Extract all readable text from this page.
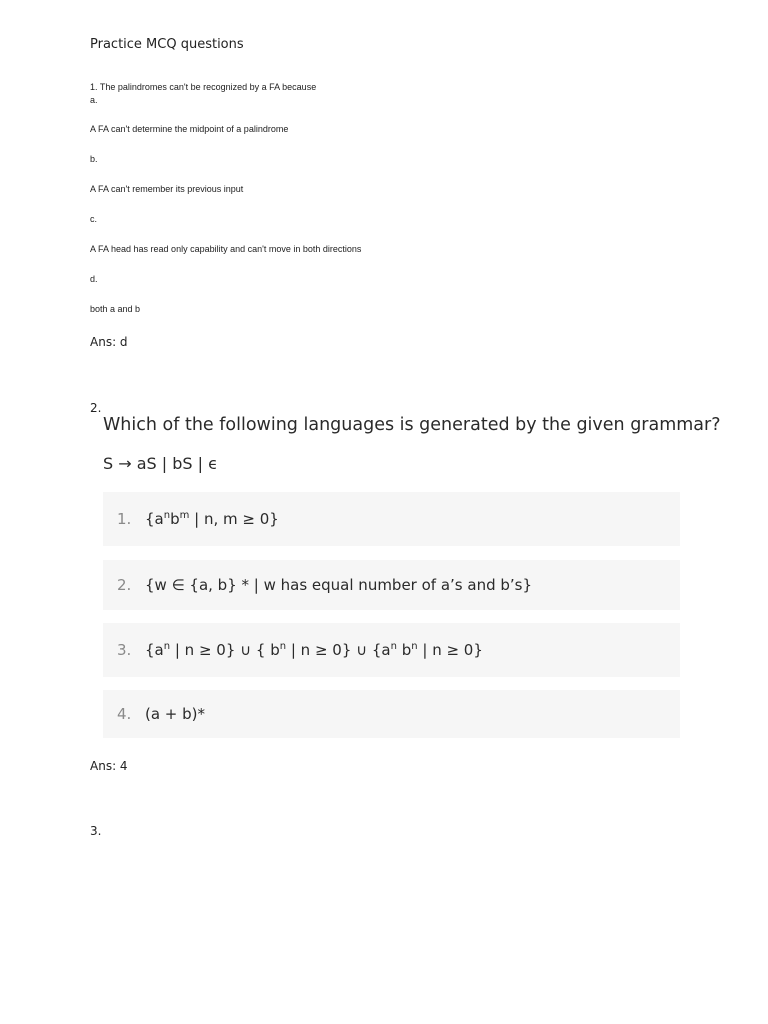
Practice MCQ questions
1. The palindromes can't be recognized by a FA because
a.
A FA can't determine the midpoint of a palindrome
b.
A FA can't remember its previous input
c.
A FA head has read only capability and can't move in both directions
d.
both a and b
Ans: d
2.
Which of the following languages is generated by the given grammar?
S → aS | bS | ϵ
1. {$a^nb^m$ | n, m ≥ 0}
2. {w ∈ {a, b} * | w has equal number of a’s and b’s}
3. {$a^n$ | n ≥ 0} ∪ { $b^n$ | n ≥ 0} ∪ {$a^n$ $b^n$ | n ≥ 0}
4. (a + b)*
Ans: 4
3.
